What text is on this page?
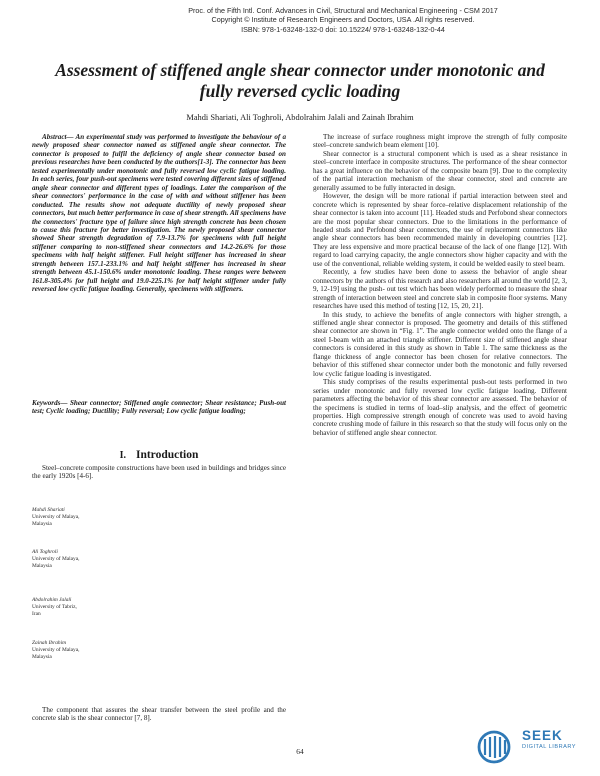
Proc. of the Fifth Intl. Conf. Advances in Civil, Structural and Mechanical Engineering - CSM 2017
Copyright © Institute of Research Engineers and Doctors, USA .All rights reserved.
ISBN: 978-1-63248-132-0 doi: 10.15224/ 978-1-63248-132-0-44
Assessment of stiffened angle shear connector under monotonic and fully reversed cyclic loading
Mahdi Shariati, Ali Toghroli, Abdolrahim Jalali and Zainah Ibrahim

Abstract— An experimental study was performed to investigate the behaviour of a newly proposed shear connector named as stiffened angle shear connector. The connector is proposed to fulfil the deficiency of angle shear connector based on previous researches have been conducted by the authors[1-3]. The connector has been tested experimentally under monotonic and fully reversed low cyclic fatigue loading. In each series, four push-out specimens were tested covering different sizes of stiffened angle shear connector and different types of loadings. Later the comparison of the shear connectors' performance in the case of with and without stiffener has been conducted. The results show not adequate ductility of newly proposed shear connectors, but much better performance in case of shear strength. All specimens have the connectors' fracture type of failure since high strength concrete has been chosen to cause this fracture for better investigation. The newly proposed shear connector showed Shear strength degradation of 7.9-13.7% for specimens with full height stiffener comparing to non-stiffened shear connectors and 14.2-26.6% for those specimens with half height stiffener. Full height stiffener has increased in shear strength between 157.1-233.1% and half height stiffener has increased in shear strength between 45.1-150.6% under monotonic loading. These ranges were between 161.8-305.4% for full height and 19.0-225.1% for half height stiffener under fully reversed low cyclic fatigue loading. Generally, specimens with stiffeners.

Keywords— Shear connector; Stiffened angle connector; Shear resistance; Push-out test; Cyclic loading; Ductility; Fully reversal; Low cyclic fatigue loading;
I. Introduction

Steel–concrete composite constructions have been used in buildings and bridges since the early 1920s [4-6].

Mahdi Shariati
University of Malaya,
Malaysia
Ali Toghroli
University of Malaya,
Malaysia
Abdolrahim Jalali
University of Tabriz,
Iran
Zainah Ibrahim
University of Malaya,
Malaysia

The component that assures the shear transfer between the steel profile and the concrete slab is the shear connector [7, 8].

The increase of surface roughness might improve the strength of fully composite steel–concrete sandwich beam element [10].

Shear connector is a structural component which is used as a shear resistance in steel–concrete interface in composite structures. The performance of the shear connector has a great influence on the behavior of the composite beam [9]. Due to the complexity of the partial interaction mechanism of the shear connector, steel and concrete are generally assumed to be fully interacted in design.

However, the design will be more rational if partial interaction between steel and concrete which is represented by shear force–relative displacement relationship of the shear connector is taken into account [11]. Headed studs and Perfobond shear connectors are the most popular shear connectors. Due to the limitations in the performance of headed studs and Perfobond shear connectors, the use of replacement connectors like angle shear connectors has been recommended mainly in developing countries [12]. They are less expensive and more practical because of the lack of one flange [12]. With regard to load carrying capacity, the angle connectors show higher capacity and with the use of the conventional, reliable welding system, it could be welded easily to steel beam.

Recently, a few studies have been done to assess the behavior of angle shear connectors by the authors of this research and also researchers all around the world [2, 3, 9, 12-19] using the push- out test which has been widely performed to measure the shear strength of interaction between steel and concrete slab in composite floor systems. Many researches have used this method of testing [12, 15, 20, 21].

In this study, to achieve the benefits of angle connectors with higher strength, a stiffened angle shear connector is proposed. The geometry and details of this stiffened shear connector are shown in “Fig. 1”. The angle connector welded onto the flange of a steel I-beam with an attached triangle stiffener. Different size of stiffened angle shear connectors is considered in this study as shown in Table 1. The same thickness as the flange thickness of angle connector has been chosen for relative connectors. The behavior of this stiffened shear connector under both the monotonic and fully reversed low cyclic fatigue loading is investigated.

This study comprises of the results experimental push-out tests performed in two series under monotonic and fully reversed low cyclic fatigue loading. Different parameters affecting the behavior of this shear connector are assessed. The behavior of the specimens is studied in terms of load–slip analysis, and the effect of geometric properties. High compressive strength enough of concrete was used to avoid having concrete crushing mode of failure in this research so that the study will focus only on the behavior of stiffened angle shear connector.

64
SEEK
DIGITAL LIBRARY
